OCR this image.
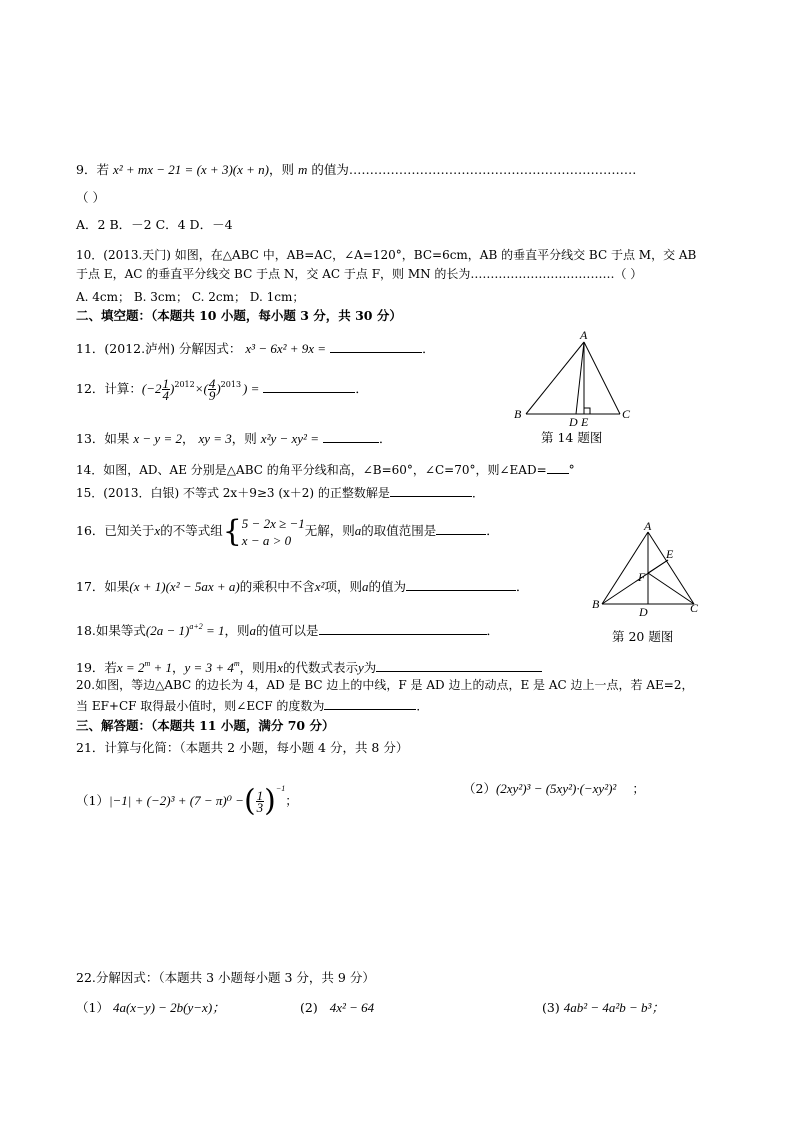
9．若 x² + mx − 21 = (x + 3)(x + n)，则 m 的值为……………………………………………………………
（ ）
A．2 B．－2 C．4 D．－4
10．(2013.天门) 如图，在△ABC 中，AB=AC，∠A=120°，BC=6cm，AB 的垂直平分线交 BC 于点 M，交 AB
于点 E，AC 的垂直平分线交 BC 于点 N，交 AC 于点 F，则 MN 的长为………………………………（ ）
A. 4cm； B. 3cm； C. 2cm； D. 1cm；
二、填空题：（本题共 10 小题，每小题 3 分，共 30 分）
11．(2012.泸州) 分解因式： x³ − 6x² + 9x =	．
12．计算：$(-2 \frac{1}{4} )^{2012}\times( \frac{4}{9} )^{2013}$ ) =	．
13．如果 x − y = 2， xy = 3，则 x²y − xy² =	．
14．如图，AD、AE 分别是△ABC 的角平分线和高，∠B=60°，∠C=70°，则∠EAD= °
15．(2013．白银) 不等式 2x＋9≥3 (x＋2) 的正整数解是	．
16．已知关于x的不等式组{ 5 − 2x ≥ −1
x − a > 0
无解，则a的取值范围是	．
17．如果(x + 1)(x² − 5ax + a)的乘积中不含x²项，则a的值为	．
18.如果等式$(2a - 1)^{a+2} = 1$，则a的值可以是	．
19．若$x = 2^m + 1$，$y = 3 + 4^m$，则用x的代数式表示y为
20.如图，等边△ABC 的边长为 4，AD 是 BC 边上的中线，F 是 AD 边上的动点，E 是 AC 边上一点，若 AE=2，
当 EF+CF 取得最小值时，则∠ECF 的度数为	．
三、解答题：（本题共 11 小题，满分 70 分）
21．计算与化简：（本题共 2 小题，每小题 4 分，共 8 分）
（1）|−1| + (−2)³ + (7 − π)⁰ −( $\frac{1}{3} )^{-1}$；
（2）(2xy²)³ − (5xy²)·(−xy²)² ；
22.分解因式：（本题共 3 小题每小题 3 分，共 9 分）
（1） 4a(x−y) − 2b(y−x)；	(2) 4x² − 64	(3) 4ab² − 4a²b − b³；
A
B	C
D E
第 14 题图
A
B	C
D
E
F
第 20 题图
